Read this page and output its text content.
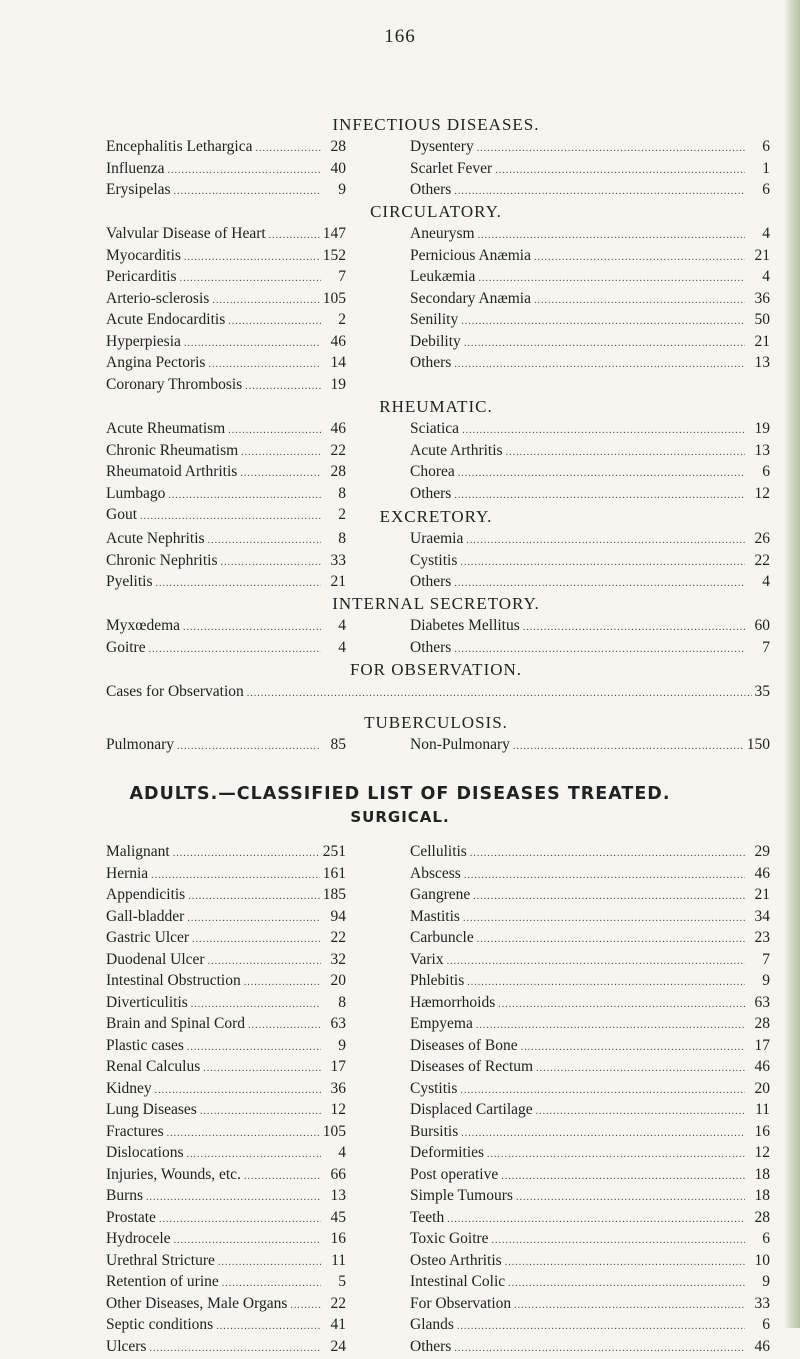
166
INFECTIOUS DISEASES.
Encephalitis Lethargica .....	28	Dysentery .....	6
Influenza .....	40	Scarlet Fever .....	1
Erysipelas .....	9	Others .....	6
CIRCULATORY.
Valvular Disease of Heart .....	147	Aneurysm .....	4
Myocarditis .....	152	Pernicious Anæmia .....	21
Pericarditis .....	7	Leukæmia .....	4
Arterio-sclerosis .....	105	Secondary Anæmia .....	36
Acute Endocarditis .....	2	Senility .....	50
Hyperpiesia .....	46	Debility .....	21
Angina Pectoris .....	14	Others .....	13
Coronary Thrombosis .....	19
RHEUMATIC.
Acute Rheumatism .....	46	Sciatica .....	19
Chronic Rheumatism .....	22	Acute Arthritis .....	13
Rheumatoid Arthritis .....	28	Chorea .....	6
Lumbago .....	8	Others .....	12
Gout .....	2	EXCRETORY.
Acute Nephritis .....	8	Uraemia .....	26
Chronic Nephritis .....	33	Cystitis .....	22
Pyelitis .....	21	Others .....	4
INTERNAL SECRETORY.
Myxœdema .....	4	Diabetes Mellitus .....	60
Goitre .....	4	Others .....	7
FOR OBSERVATION.
Cases for Observation .....	35
TUBERCULOSIS.
Pulmonary .....	85	Non-Pulmonary .....	150
ADULTS.—CLASSIFIED LIST OF DISEASES TREATED.
SURGICAL.
Malignant .....	251	Cellulitis .....	29
Hernia .....	161	Abscess .....	46
Appendicitis .....	185	Gangrene .....	21
Gall-bladder .....	94	Mastitis .....	34
Gastric Ulcer .....	22	Carbuncle .....	23
Duodenal Ulcer .....	32	Varix .....	7
Intestinal Obstruction .....	20	Phlebitis .....	9
Diverticulitis .....	8	Hæmorrhoids .....	63
Brain and Spinal Cord .....	63	Empyema .....	28
Plastic cases .....	9	Diseases of Bone .....	17
Renal Calculus .....	17	Diseases of Rectum .....	46
Kidney .....	36	Cystitis .....	20
Lung Diseases .....	12	Displaced Cartilage .....	11
Fractures .....	105	Bursitis .....	16
Dislocations .....	4	Deformities .....	12
Injuries, Wounds, etc. .....	66	Post operative .....	18
Burns .....	13	Simple Tumours .....	18
Prostate .....	45	Teeth .....	28
Hydrocele .....	16	Toxic Goitre .....	6
Urethral Stricture .....	11	Osteo Arthritis .....	10
Retention of urine .....	5	Intestinal Colic .....	9
Other Diseases, Male Organs .....	22	For Observation .....	33
Septic conditions .....	41	Glands .....	6
Ulcers .....	24	Others .....	46
